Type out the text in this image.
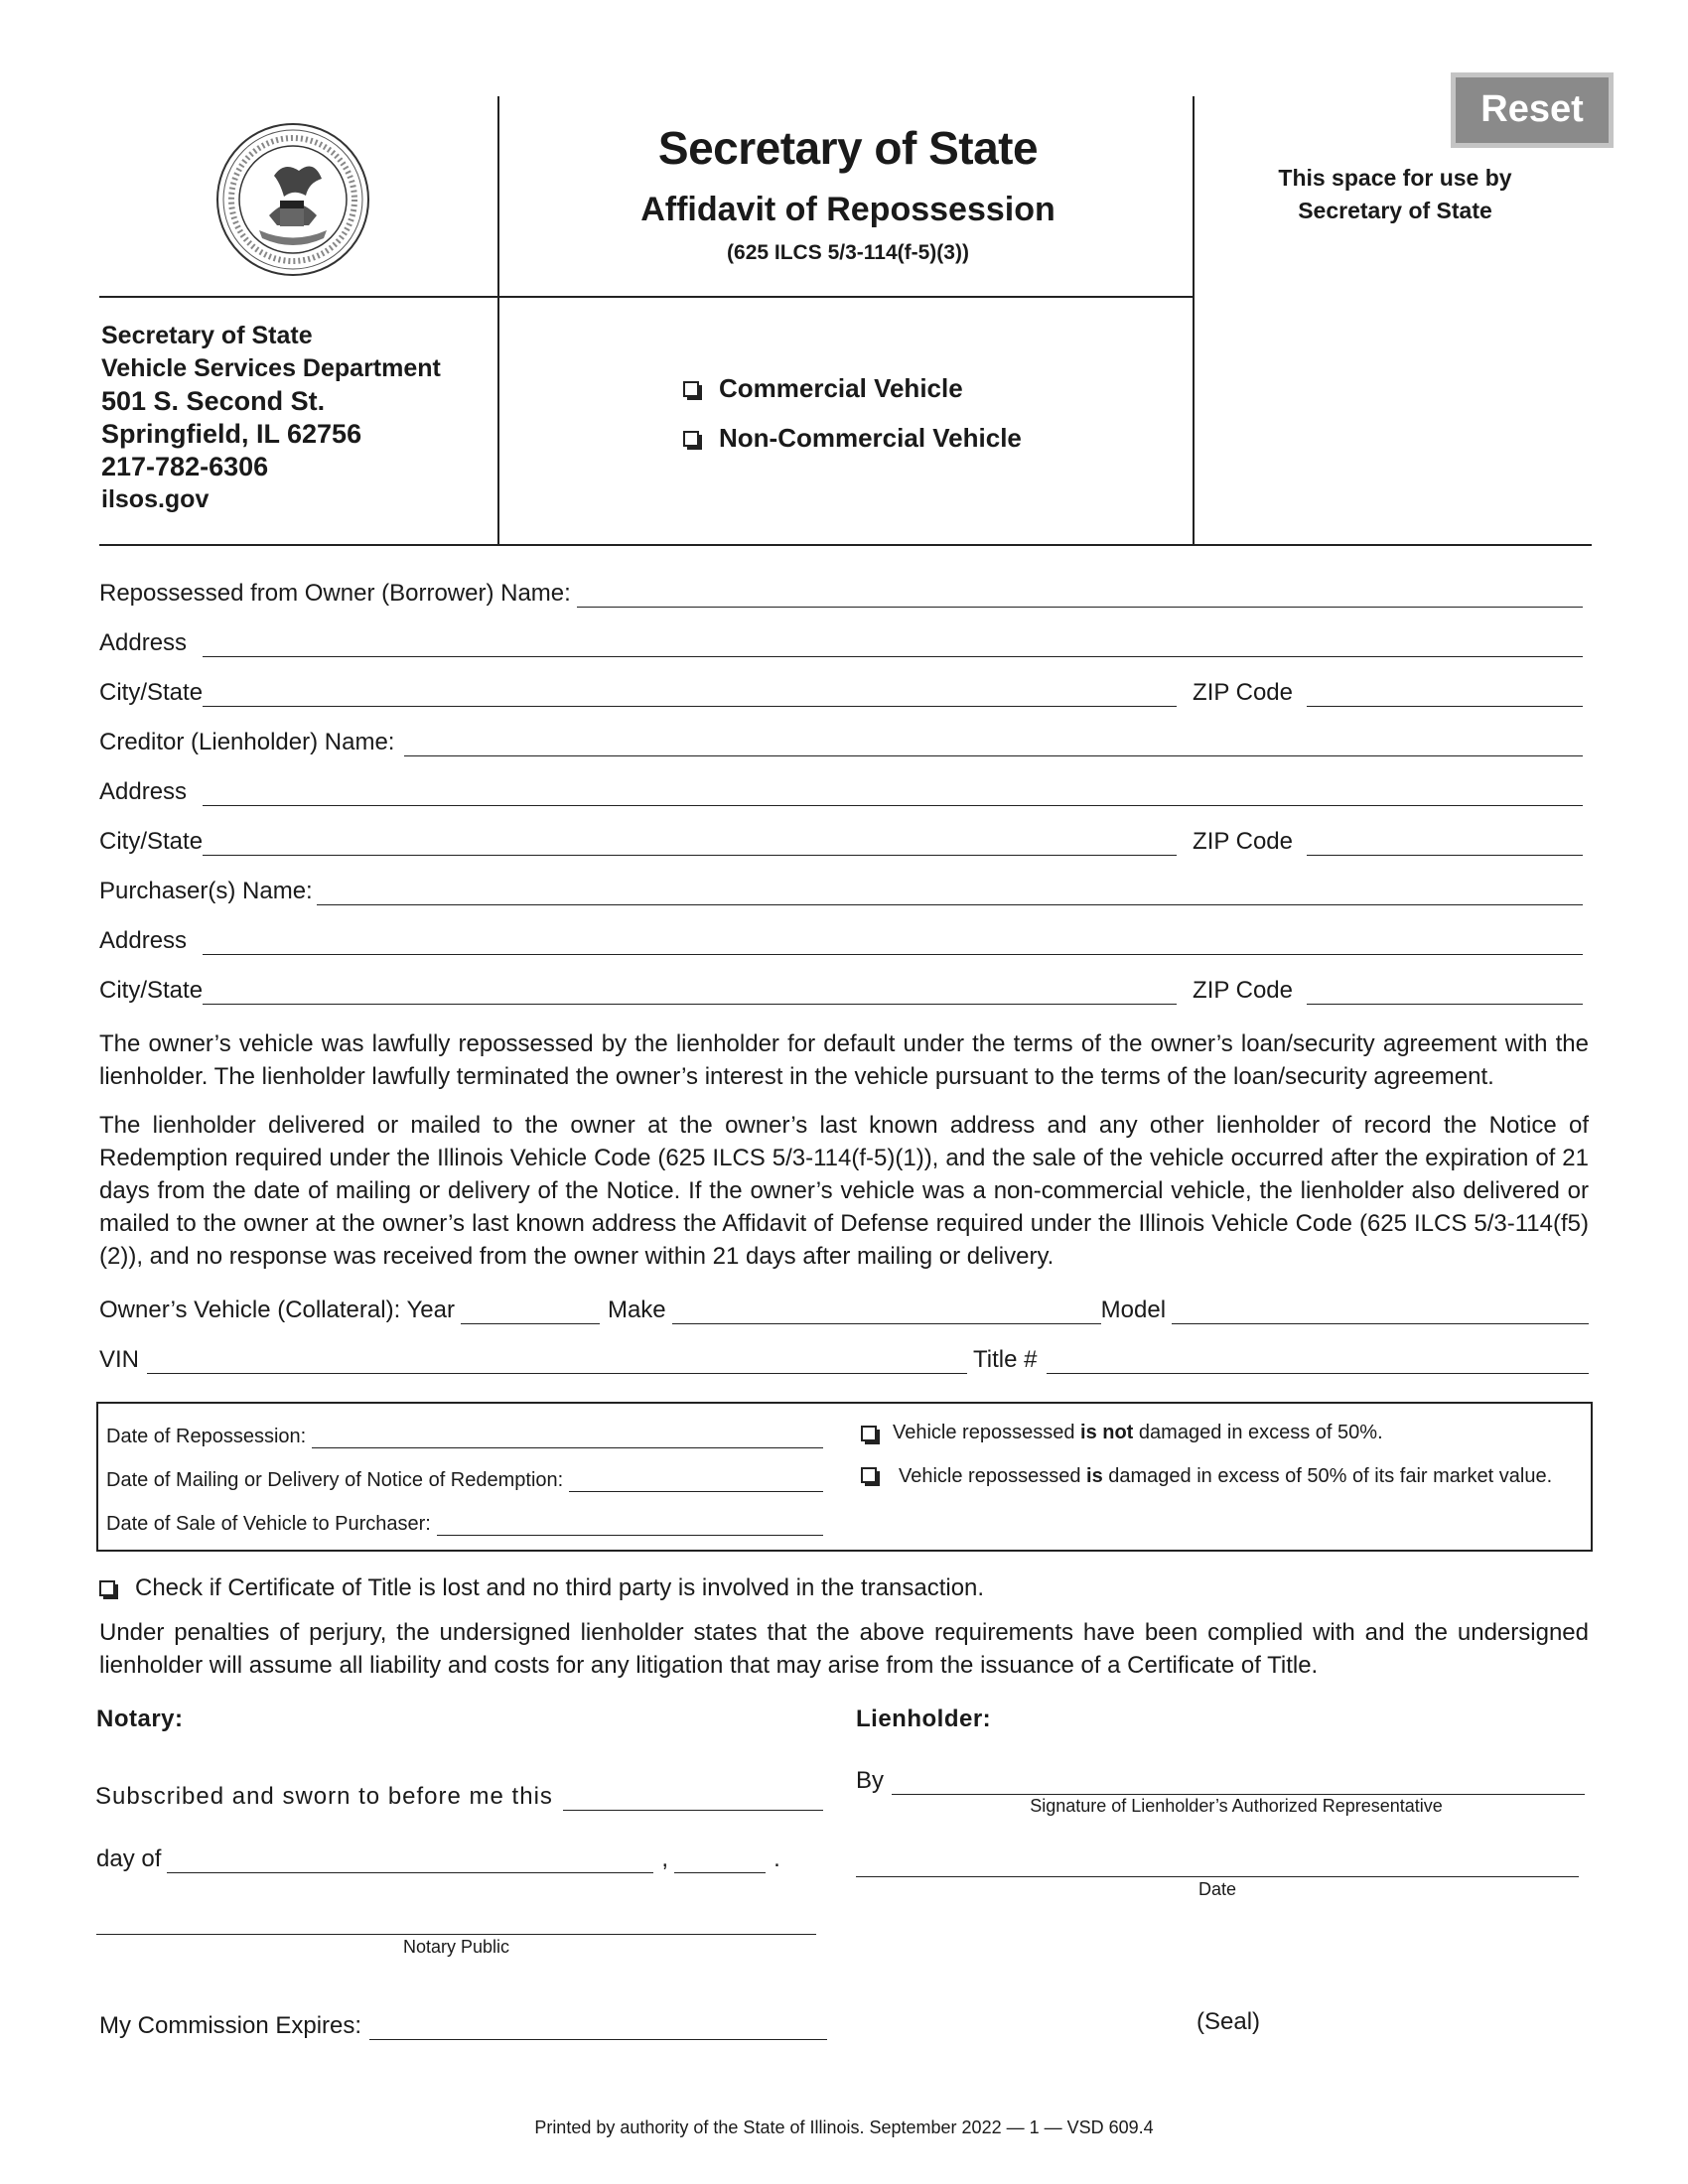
Reset
Secretary of State
Affidavit of Repossession
(625 ILCS 5/3-114(f-5)(3))
This space for use by
Secretary of State
Secretary of State
Vehicle Services Department
501 S. Second St.
Springfield, IL 62756
217-782-6306
ilsos.gov
Commercial Vehicle
Non-Commercial Vehicle
Repossessed from Owner (Borrower) Name:
Address
City/State	ZIP Code
Creditor (Lienholder) Name:
Address
City/State	ZIP Code
Purchaser(s) Name:
Address
City/State	ZIP Code
The owner’s vehicle was lawfully repossessed by the lienholder for default under the terms of the owner’s loan/security agreement with the lienholder. The lienholder lawfully terminated the owner’s interest in the vehicle pursuant to the terms of the loan/security agreement.
The lienholder delivered or mailed to the owner at the owner’s last known address and any other lienholder of record the Notice of Redemption required under the Illinois Vehicle Code (625 ILCS 5/3-114(f-5)(1)), and the sale of the vehicle occurred after the expiration of 21 days from the date of mailing or delivery of the Notice. If the owner’s vehicle was a non-commercial vehicle, the lienholder also delivered or mailed to the owner at the owner’s last known address the Affidavit of Defense required under the Illinois Vehicle Code (625 ILCS 5/3-114(f5)(2)), and no response was received from the owner within 21 days after mailing or delivery.
Owner’s Vehicle (Collateral): Year	Make	Model
VIN	Title #
Date of Repossession:
Date of Mailing or Delivery of Notice of Redemption:
Date of Sale of Vehicle to Purchaser:
Vehicle repossessed is not damaged in excess of 50%.
Vehicle repossessed is damaged in excess of 50% of its fair market value.
Check if Certificate of Title is lost and no third party is involved in the transaction.
Under penalties of perjury, the undersigned lienholder states that the above requirements have been complied with and the undersigned lienholder will assume all liability and costs for any litigation that may arise from the issuance of a Certificate of Title.
Notary:
Subscribed and sworn to before me this
day of	,	.
Notary Public
My Commission Expires:
Lienholder:
By
Signature of Lienholder’s Authorized Representative
Date
(Seal)
Printed by authority of the State of Illinois. September 2022 — 1 — VSD 609.4
